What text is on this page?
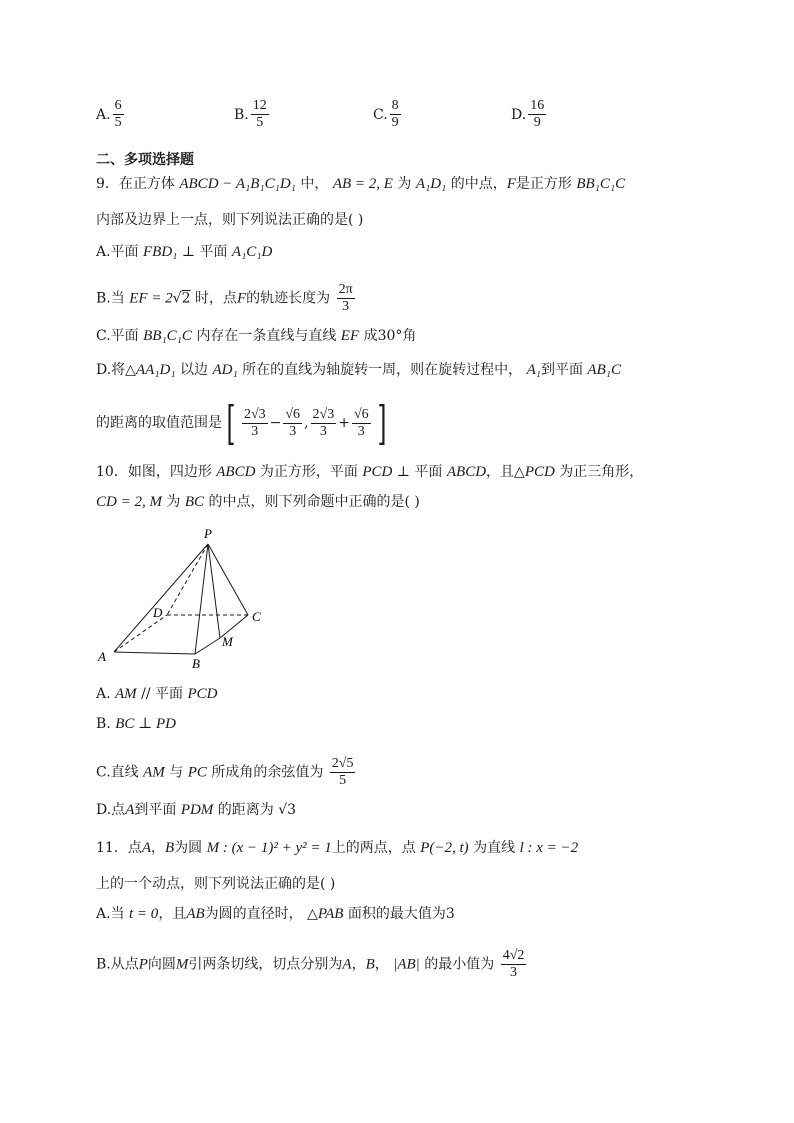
A. $\frac{6}{5}$	B. $\frac{12}{5}$	C. $\frac{8}{9}$	D. $\frac{16}{9}$
二、多项选择题
9．在正方体 ABCD − A₁B₁C₁D₁ 中， AB = 2, E 为 A₁D₁ 的中点，F是正方形 BB₁C₁C
内部及边界上一点，则下列说法正确的是( )
A.平面 FBD₁ ⊥ 平面 A₁C₁D
B.当 EF = 2√2 时，点F的轨迹长度为 $\frac{2\pi}{3}$
C.平面 BB₁C₁C 内存在一条直线与直线 EF 成30°角
D.将△AA₁D₁ 以边 AD₁ 所在的直线为轴旋转一周，则在旋转过程中， A₁到平面 AB₁C
的距离的取值范围是 [ $\frac{2√3}{3} - \frac{√6}{3}$ , $\frac{2√3}{3} + \frac{√6}{3}$ ]
10．如图，四边形 ABCD 为正方形，平面 PCD ⊥ 平面 ABCD，且△PCD 为正三角形，
CD = 2, M 为 BC 的中点，则下列命题中正确的是( )
P
D	C
M
A	B
A. AM // 平面 PCD
B. BC ⊥ PD
C.直线 AM 与 PC 所成角的余弦值为 $\frac{2√5}{5}$
D.点A到平面 PDM 的距离为 √3
11．点A，B为圆 M : (x − 1)² + y² = 1上的两点，点 P(−2, t) 为直线 l : x = −2
上的一个动点，则下列说法正确的是( )
A.当 t = 0，且AB为圆的直径时， △PAB 面积的最大值为3
B.从点P向圆M引两条切线，切点分别为A，B， |AB| 的最小值为 $\frac{4√2}{3}$
